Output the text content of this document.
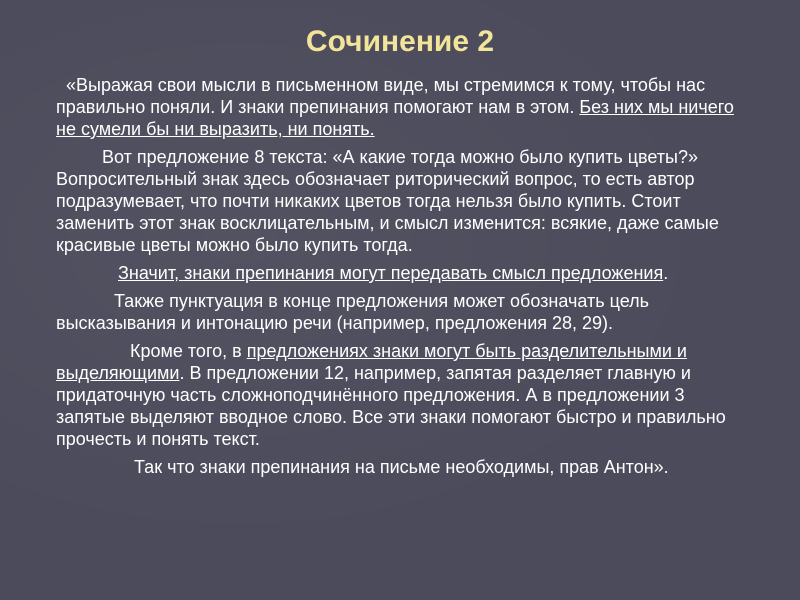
Сочинение 2

«Выражая свои мысли в письменном виде, мы стремимся к тому, чтобы нас правильно поняли. И знаки препинания помогают нам в этом. Без них мы ничего не сумели бы ни выразить, ни понять.

Вот предложение 8 текста: «А какие тогда можно было купить цветы?» Вопросительный знак здесь обозначает риторический вопрос, то есть автор подразумевает, что почти никаких цветов тогда нельзя было купить. Стоит заменить этот знак восклицательным, и смысл изменится: всякие, даже самые красивые цветы можно было купить тогда.

Значит, знаки препинания могут передавать смысл предложения.

Также пунктуация в конце предложения может обозначать цель высказывания и интонацию речи (например, предложения 28, 29).

Кроме того, в предложениях знаки могут быть разделительными и выделяющими. В предложении 12, например, запятая разделяет главную и придаточную часть сложноподчинённого предложения. А в предложении 3 запятые выделяют вводное слово. Все эти знаки помогают быстро и правильно прочесть и понять текст.

Так что знаки препинания на письме необходимы, прав Антон».
